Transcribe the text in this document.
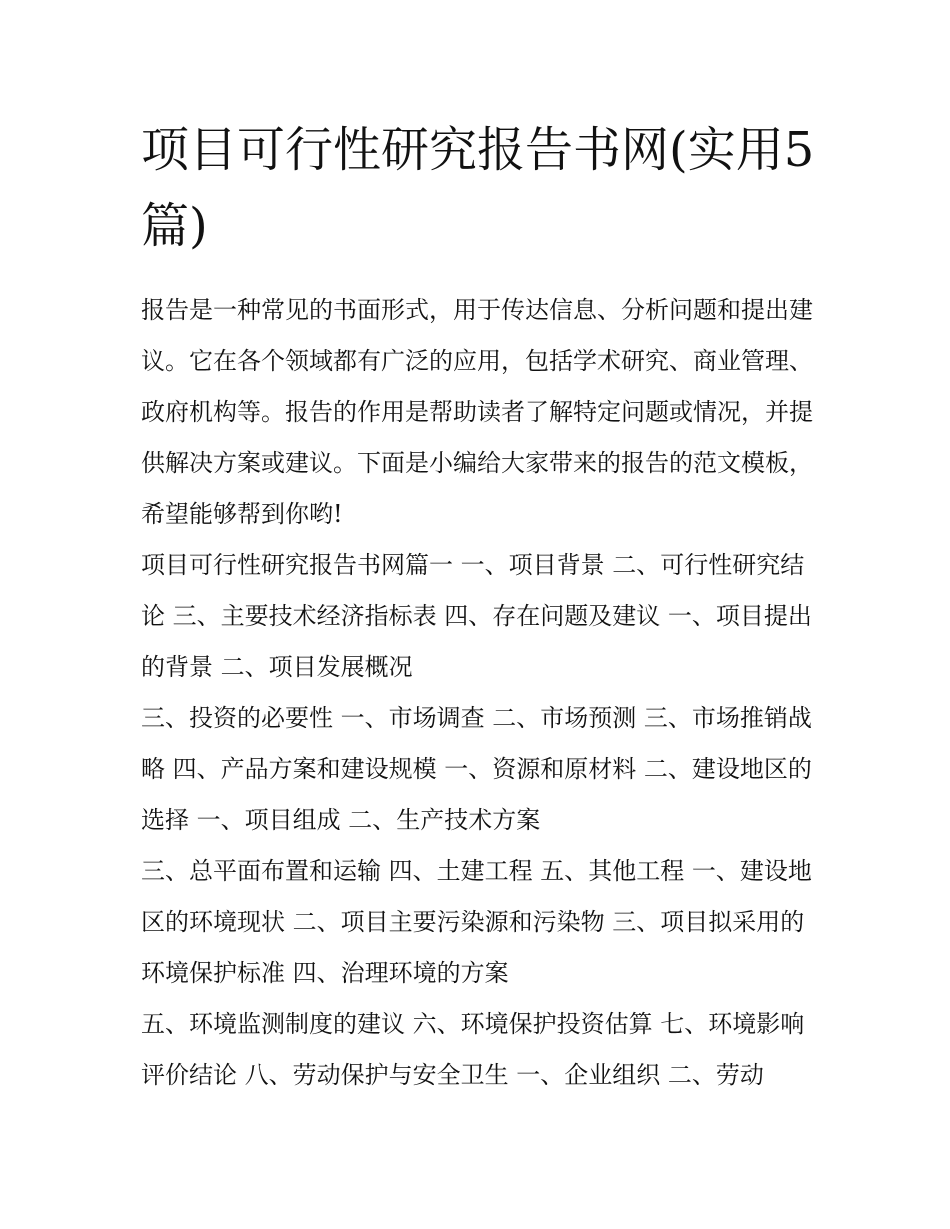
项目可行性研究报告书网(实用5篇)

报告是一种常见的书面形式，用于传达信息、分析问题和提出建议。它在各个领域都有广泛的应用，包括学术研究、商业管理、政府机构等。报告的作用是帮助读者了解特定问题或情况，并提供解决方案或建议。下面是小编给大家带来的报告的范文模板，希望能够帮到你哟!

项目可行性研究报告书网篇一 一、项目背景 二、可行性研究结论 三、主要技术经济指标表 四、存在问题及建议 一、项目提出的背景 二、项目发展概况

三、投资的必要性 一、市场调查 二、市场预测 三、市场推销战略 四、产品方案和建设规模 一、资源和原材料 二、建设地区的选择 一、项目组成 二、生产技术方案

三、总平面布置和运输 四、土建工程 五、其他工程 一、建设地区的环境现状 二、项目主要污染源和污染物 三、项目拟采用的环境保护标准 四、治理环境的方案

五、环境监测制度的建议 六、环境保护投资估算 七、环境影响评价结论 八、劳动保护与安全卫生 一、企业组织 二、劳动
